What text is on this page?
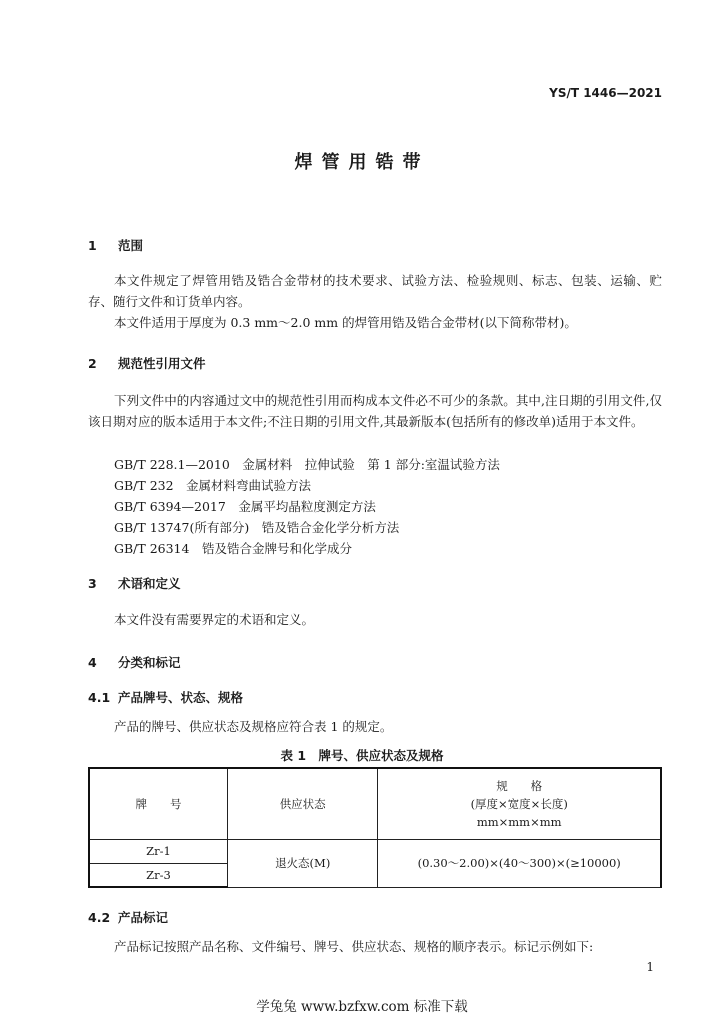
YS/T 1446—2021
焊管用锆带
1 范围
本文件规定了焊管用锆及锆合金带材的技术要求、试验方法、检验规则、标志、包装、运输、贮存、随行文件和订货单内容。
本文件适用于厚度为 0.3 mm～2.0 mm 的焊管用锆及锆合金带材(以下简称带材)。
2 规范性引用文件
下列文件中的内容通过文中的规范性引用而构成本文件必不可少的条款。其中,注日期的引用文件,仅该日期对应的版本适用于本文件;不注日期的引用文件,其最新版本(包括所有的修改单)适用于本文件。
GB/T 228.1—2010　金属材料　拉伸试验　第 1 部分:室温试验方法
GB/T 232　金属材料弯曲试验方法
GB/T 6394—2017　金属平均晶粒度测定方法
GB/T 13747(所有部分)　锆及锆合金化学分析方法
GB/T 26314　锆及锆合金牌号和化学成分
3 术语和定义
本文件没有需要界定的术语和定义。
4 分类和标记
4.1 产品牌号、状态、规格
产品的牌号、供应状态及规格应符合表 1 的规定。
表 1　牌号、供应状态及规格
牌　　号	供应状态	规　　格
(厚度×宽度×长度)
mm×mm×mm

Zr-1	退火态(M)	(0.30～2.00)×(40～300)×(≥10000)
Zr-3		
4.2 产品标记
产品标记按照产品名称、文件编号、牌号、供应状态、规格的顺序表示。标记示例如下:
1
学兔兔 www.bzfxw.com 标准下载
